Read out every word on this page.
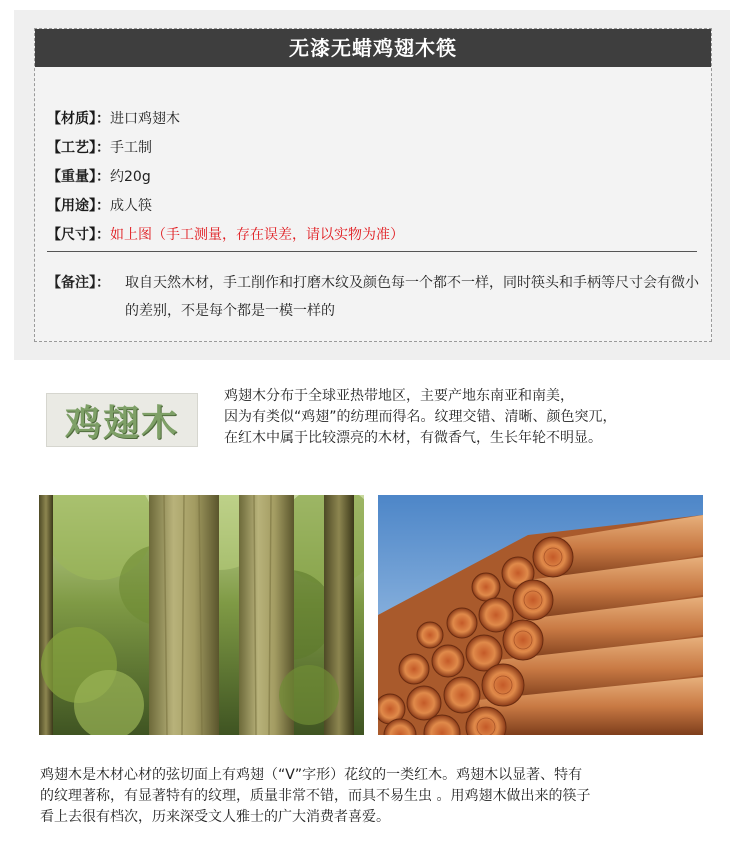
无漆无蜡鸡翅木筷
【材质】：进口鸡翅木
【工艺】：手工制
【重量】：约20g
【用途】：成人筷
【尺寸】：如上图（手工测量，存在误差，请以实物为准）
【备注】： 取自天然木材，手工削作和打磨木纹及颜色每一个都不一样，同时筷头和手柄等尺寸会有微小的差别，不是每个都是一模一样的
鸡翅木

鸡翅木分布于全球亚热带地区，主要产地东南亚和南美，

因为有类似“鸡翅”的纺理而得名。纹理交错、清晰、颜色突兀，

在红木中属于比较漂亮的木材，有微香气，生长年轮不明显。

鸡翅木是木材心材的弦切面上有鸡翅（“V”字形）花纹的一类红木。鸡翅木以显著、特有

的纹理著称，有显著特有的纹理，质量非常不错，而具不易生虫 。用鸡翅木做出来的筷子

看上去很有档次，历来深受文人雅士的广大消费者喜爱。
